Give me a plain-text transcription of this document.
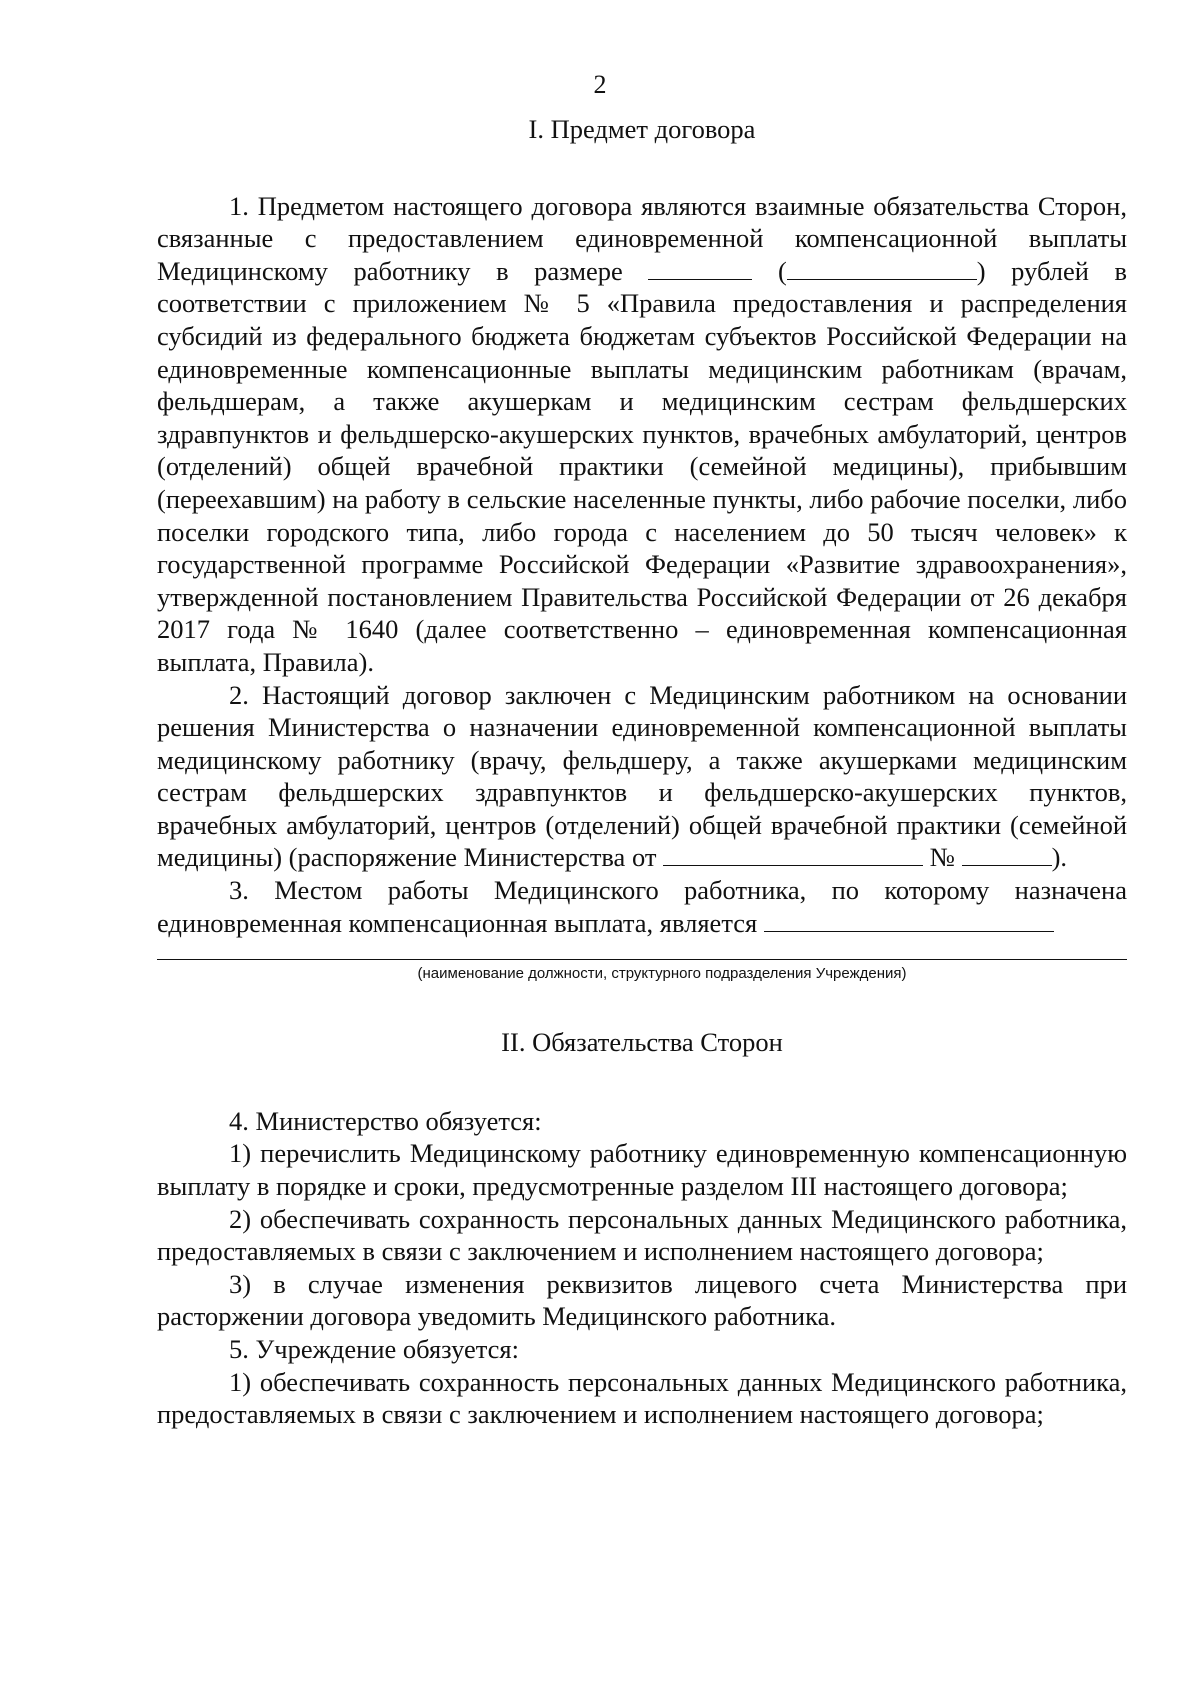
2

I. Предмет договора

1. Предметом настоящего договора являются взаимные обязательства Сторон, связанные с предоставлением единовременной компенсационной выплаты Медицинскому работнику в размере	(	) рублей в соответствии с приложением № 5 «Правила предоставления и распределения субсидий из федерального бюджета бюджетам субъектов Российской Федерации на единовременные компенсационные выплаты медицинским работникам (врачам, фельдшерам, а также акушеркам и медицинским сестрам фельдшерских здравпунктов и фельдшерско-акушерских пунктов, врачебных амбулаторий, центров (отделений) общей врачебной практики (семейной медицины), прибывшим (переехавшим) на работу в сельские населенные пункты, либо рабочие поселки, либо поселки городского типа, либо города с населением до 50 тысяч человек» к государственной программе Российской Федерации «Развитие здравоохранения», утвержденной постановлением Правительства Российской Федерации от 26 декабря 2017 года № 1640 (далее соответственно – единовременная компенсационная выплата, Правила).

2. Настоящий договор заключен с Медицинским работником на основании решения Министерства о назначении единовременной компенсационной выплаты медицинскому работнику (врачу, фельдшеру, а также акушерками медицинским сестрам фельдшерских здравпунктов и фельдшерско-акушерских пунктов, врачебных амбулаторий, центров (отделений) общей врачебной практики (семейной медицины) (распоряжение Министерства от	№	).

3. Местом работы Медицинского работника, по которому назначена единовременная компенсационная выплата, является

(наименование должности, структурного подразделения Учреждения)

II. Обязательства Сторон

4. Министерство обязуется:

1) перечислить Медицинскому работнику единовременную компенсационную выплату в порядке и сроки, предусмотренные разделом III настоящего договора;

2) обеспечивать сохранность персональных данных Медицинского работника, предоставляемых в связи с заключением и исполнением настоящего договора;

3) в случае изменения реквизитов лицевого счета Министерства при расторжении договора уведомить Медицинского работника.

5. Учреждение обязуется:

1) обеспечивать сохранность персональных данных Медицинского работника, предоставляемых в связи с заключением и исполнением настоящего договора;
